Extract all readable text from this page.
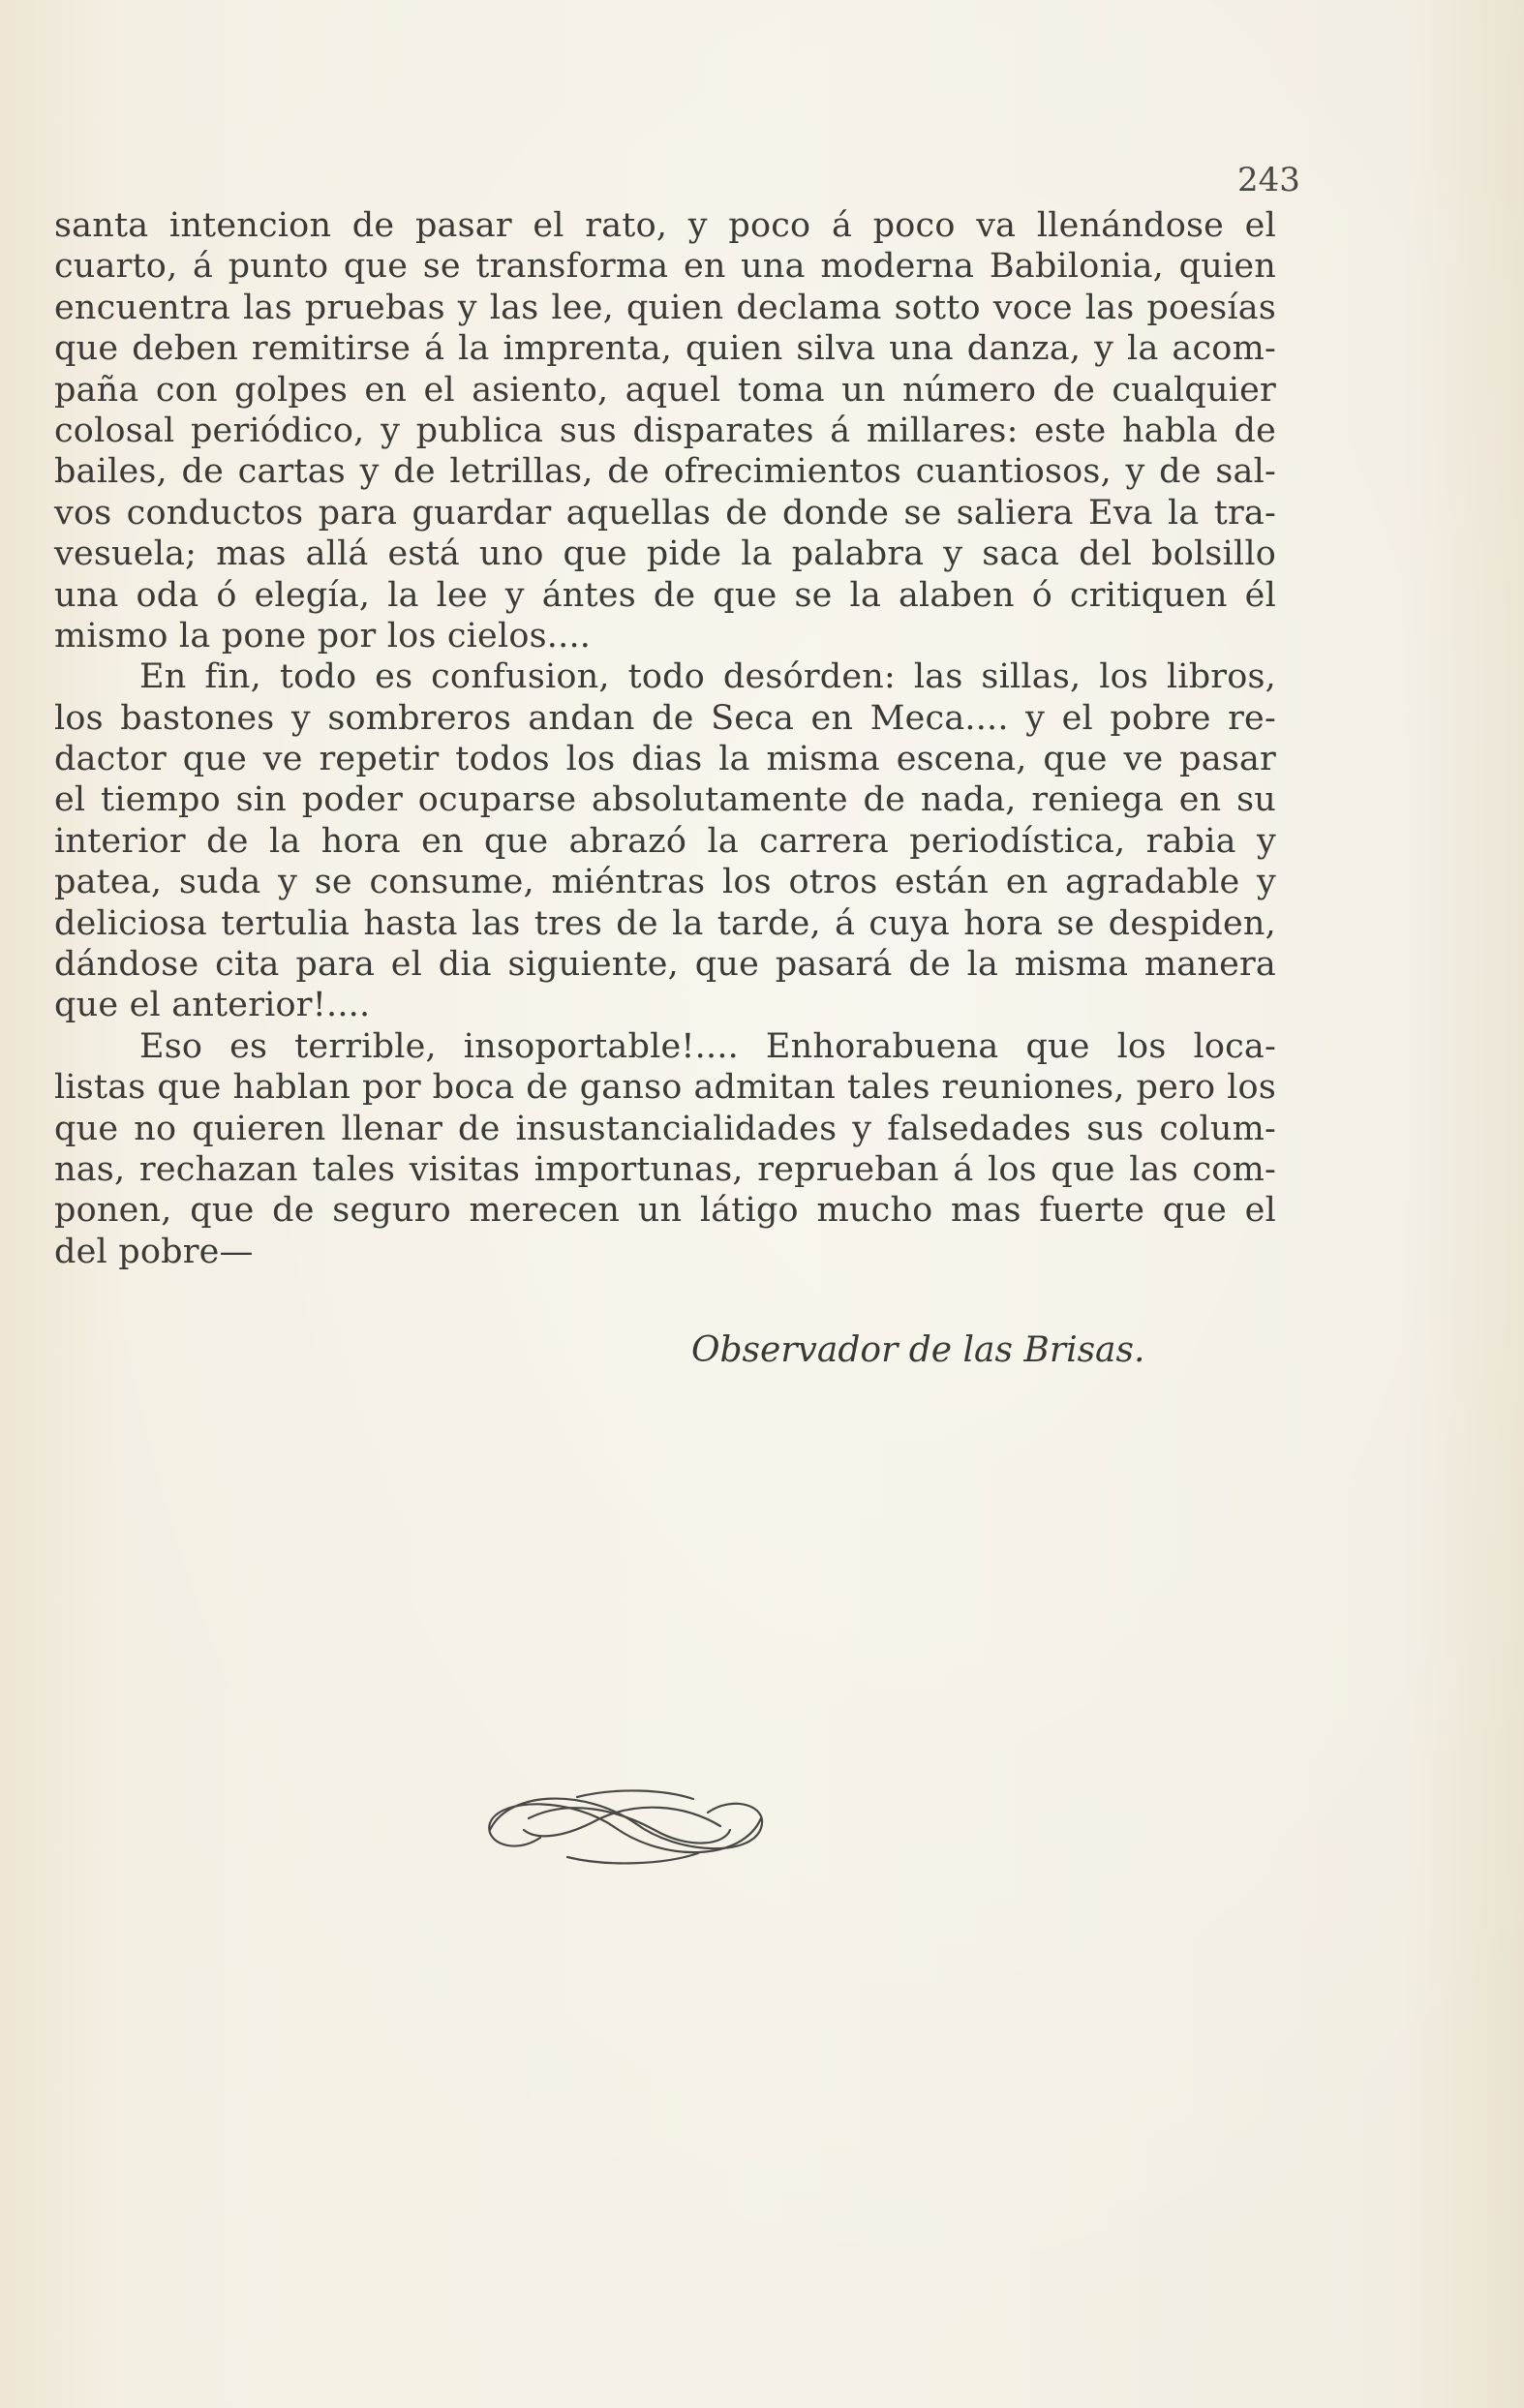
243
santa intencion de pasar el rato, y poco á poco va llenándose el
cuarto, á punto que se transforma en una moderna Babilonia, quien
encuentra las pruebas y las lee, quien declama sotto voce las poesías
que deben remitirse á la imprenta, quien silva una danza, y la acom-
paña con golpes en el asiento, aquel toma un número de cualquier
colosal periódico, y publica sus disparates á millares: este habla de
bailes, de cartas y de letrillas, de ofrecimientos cuantiosos, y de sal-
vos conductos para guardar aquellas de donde se saliera Eva la tra-
vesuela; mas allá está uno que pide la palabra y saca del bolsillo
una oda ó elegía, la lee y ántes de que se la alaben ó critiquen él
mismo la pone por los cielos....
En fin, todo es confusion, todo desórden: las sillas, los libros,
los bastones y sombreros andan de Seca en Meca.... y el pobre re-
dactor que ve repetir todos los dias la misma escena, que ve pasar
el tiempo sin poder ocuparse absolutamente de nada, reniega en su
interior de la hora en que abrazó la carrera periodística, rabia y
patea, suda y se consume, miéntras los otros están en agradable y
deliciosa tertulia hasta las tres de la tarde, á cuya hora se despiden,
dándose cita para el dia siguiente, que pasará de la misma manera
que el anterior!....
Eso es terrible, insoportable!.... Enhorabuena que los loca-
listas que hablan por boca de ganso admitan tales reuniones, pero los
que no quieren llenar de insustancialidades y falsedades sus colum-
nas, rechazan tales visitas importunas, reprueban á los que las com-
ponen, que de seguro merecen un látigo mucho mas fuerte que el
del pobre—
Observador de las Brisas.
